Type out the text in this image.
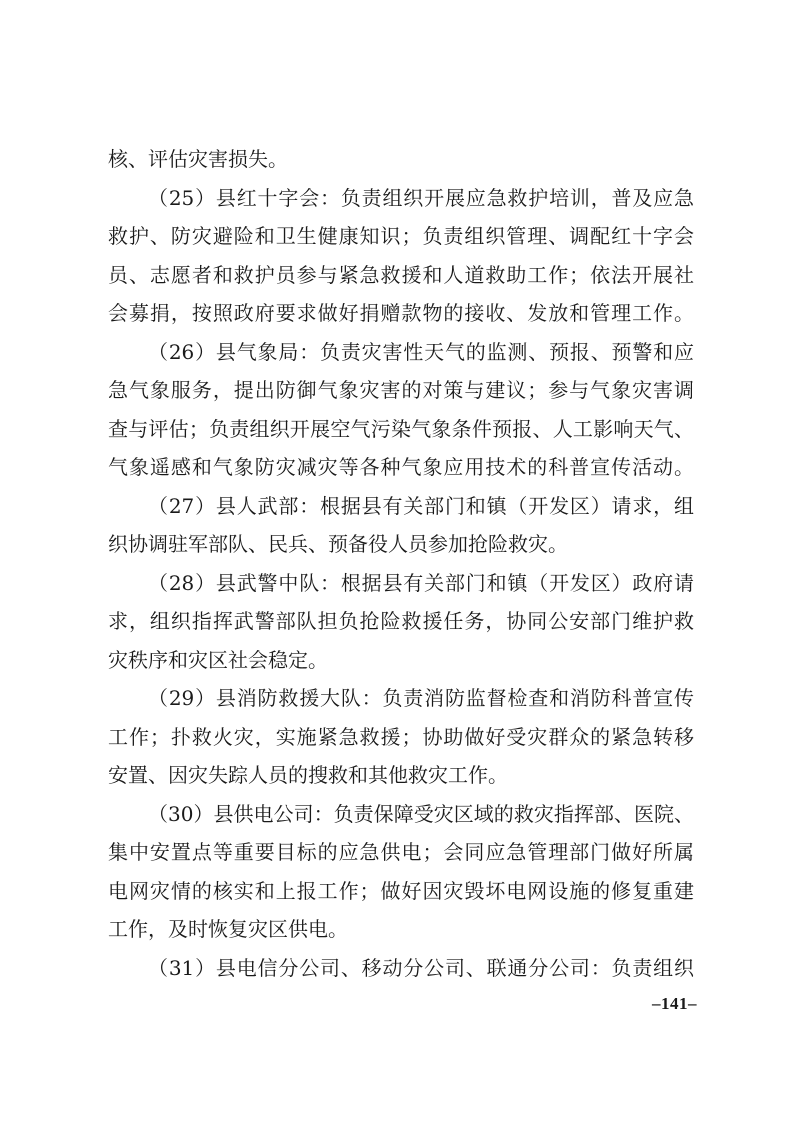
核、评估灾害损失。
（25）县红十字会：负责组织开展应急救护培训，普及应急
救护、防灾避险和卫生健康知识；负责组织管理、调配红十字会
员、志愿者和救护员参与紧急救援和人道救助工作；依法开展社
会募捐，按照政府要求做好捐赠款物的接收、发放和管理工作。
（26）县气象局：负责灾害性天气的监测、预报、预警和应
急气象服务，提出防御气象灾害的对策与建议；参与气象灾害调
查与评估；负责组织开展空气污染气象条件预报、人工影响天气、
气象遥感和气象防灾减灾等各种气象应用技术的科普宣传活动。
（27）县人武部：根据县有关部门和镇（开发区）请求，组
织协调驻军部队、民兵、预备役人员参加抢险救灾。
（28）县武警中队：根据县有关部门和镇（开发区）政府请
求，组织指挥武警部队担负抢险救援任务，协同公安部门维护救
灾秩序和灾区社会稳定。
（29）县消防救援大队：负责消防监督检查和消防科普宣传
工作；扑救火灾，实施紧急救援；协助做好受灾群众的紧急转移
安置、因灾失踪人员的搜救和其他救灾工作。
（30）县供电公司：负责保障受灾区域的救灾指挥部、医院、
集中安置点等重要目标的应急供电；会同应急管理部门做好所属
电网灾情的核实和上报工作；做好因灾毁坏电网设施的修复重建
工作，及时恢复灾区供电。
（31）县电信分公司、移动分公司、联通分公司：负责组织
–141–
